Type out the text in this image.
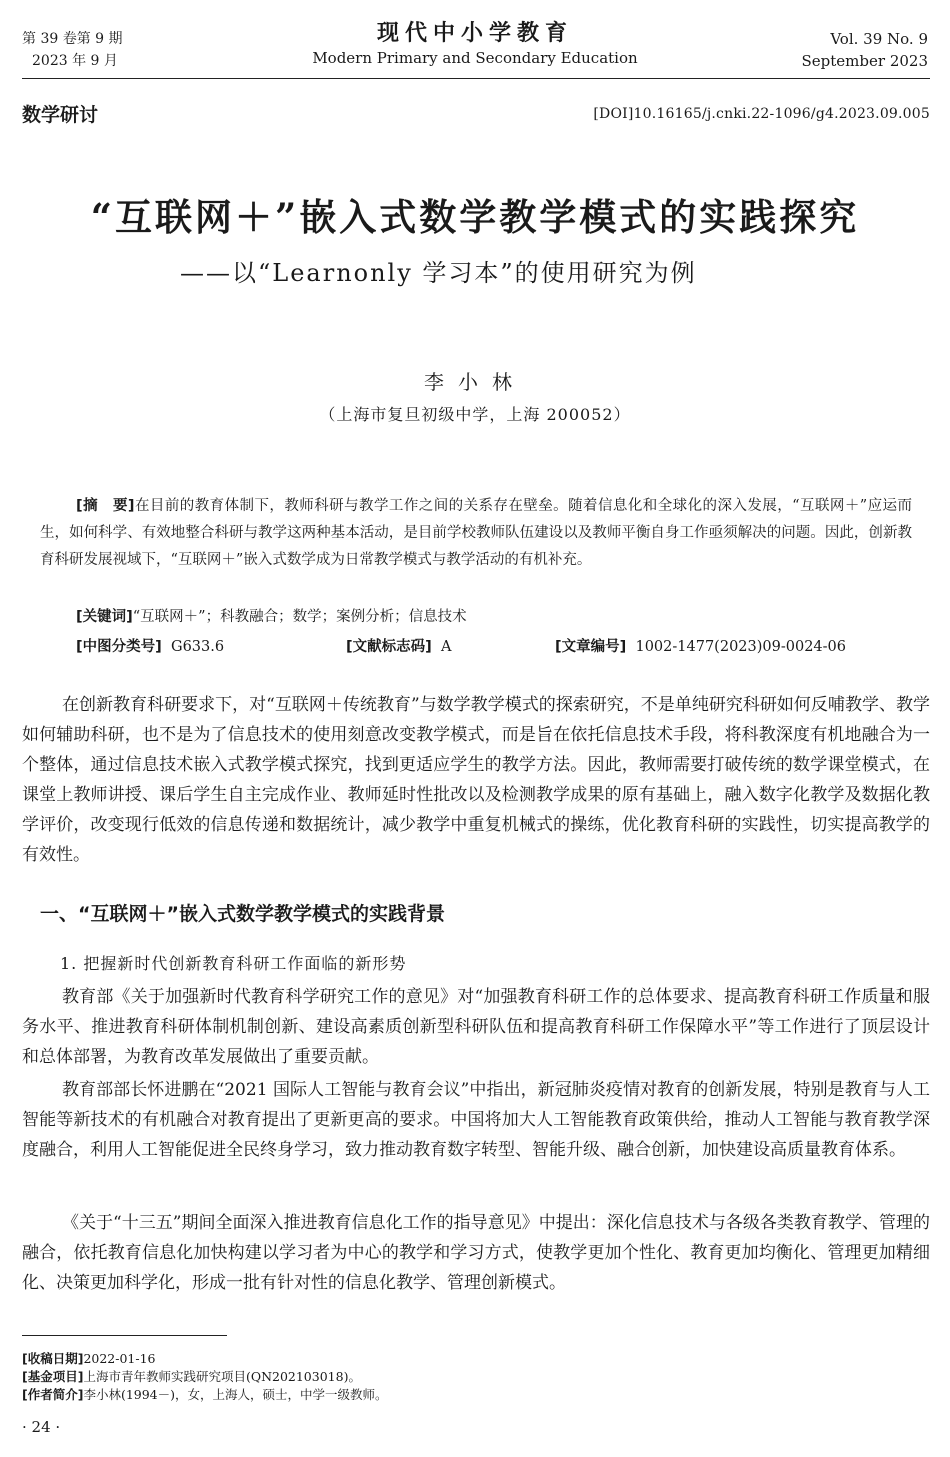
第 39 卷第 9 期
2023 年 9 月
现代中小学教育
Modern Primary and Secondary Education
Vol. 39 No. 9
September 2023
数学研讨	[DOI]10.16165/j.cnki.22-1096/g4.2023.09.005
“互联网＋”嵌入式数学教学模式的实践探究
——以“Learnonly 学习本”的使用研究为例
李小林
（上海市复旦初级中学，上海 200052）
[摘　要]在目前的教育体制下，教师科研与教学工作之间的关系存在壁垒。随着信息化和全球化的深入发展，“互联网＋”应运而生，如何科学、有效地整合科研与教学这两种基本活动，是目前学校教师队伍建设以及教师平衡自身工作亟须解决的问题。因此，创新教育科研发展视域下，“互联网＋”嵌入式数学成为日常教学模式与教学活动的有机补充。
[关键词]“互联网＋”；科教融合；数学；案例分析；信息技术
[中图分类号] G633.6	[文献标志码] A	[文章编号] 1002-1477(2023)09-0024-06

在创新教育科研要求下，对“互联网＋传统教育”与数学教学模式的探索研究，不是单纯研究科研如何反哺教学、教学如何辅助科研，也不是为了信息技术的使用刻意改变教学模式，而是旨在依托信息技术手段，将科教深度有机地融合为一个整体，通过信息技术嵌入式教学模式探究，找到更适应学生的教学方法。因此，教师需要打破传统的数学课堂模式，在课堂上教师讲授、课后学生自主完成作业、教师延时性批改以及检测教学成果的原有基础上，融入数字化教学及数据化教学评价，改变现行低效的信息传递和数据统计，减少教学中重复机械式的操练，优化教育科研的实践性，切实提高教学的有效性。

一、“互联网＋”嵌入式数学教学模式的实践背景
1. 把握新时代创新教育科研工作面临的新形势

教育部《关于加强新时代教育科学研究工作的意见》对“加强教育科研工作的总体要求、提高教育科研工作质量和服务水平、推进教育科研体制机制创新、建设高素质创新型科研队伍和提高教育科研工作保障水平”等工作进行了顶层设计和总体部署，为教育改革发展做出了重要贡献。

教育部部长怀进鹏在“2021 国际人工智能与教育会议”中指出，新冠肺炎疫情对教育的创新发展，特别是教育与人工智能等新技术的有机融合对教育提出了更新更高的要求。中国将加大人工智能教育政策供给，推动人工智能与教育教学深度融合，利用人工智能促进全民终身学习，致力推动教育数字转型、智能升级、融合创新，加快建设高质量教育体系。

《关于“十三五”期间全面深入推进教育信息化工作的指导意见》中提出：深化信息技术与各级各类教育教学、管理的融合，依托教育信息化加快构建以学习者为中心的教学和学习方式，使教学更加个性化、教育更加均衡化、管理更加精细化、决策更加科学化，形成一批有针对性的信息化教学、管理创新模式。

[收稿日期]2022-01-16
[基金项目]上海市青年教师实践研究项目(QN202103018)。
[作者简介]李小林(1994－)，女，上海人，硕士，中学一级教师。
· 24 ·
